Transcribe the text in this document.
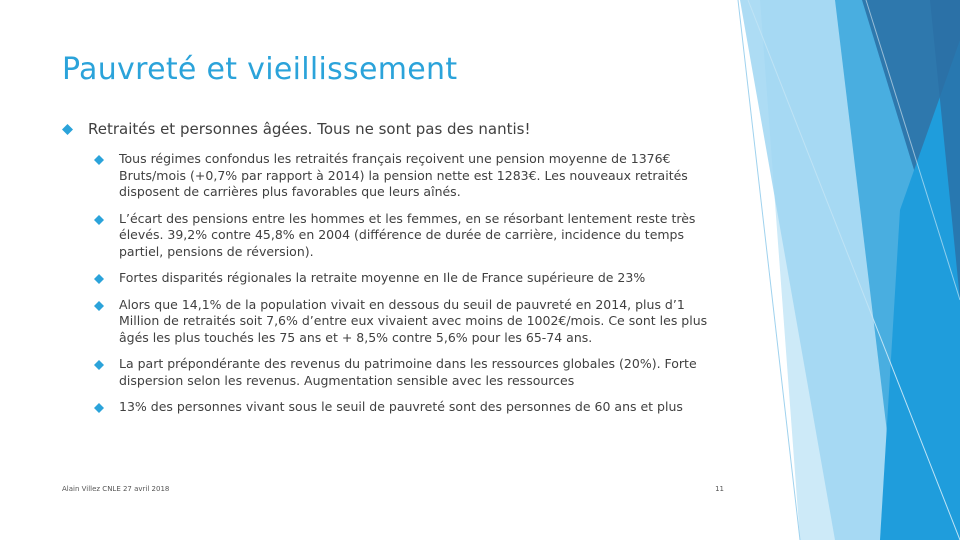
Pauvreté et vieillissement
Retraités et personnes âgées. Tous ne sont pas des nantis!
Tous régimes confondus les retraités français reçoivent une pension moyenne de 1376€ Bruts/mois (+0,7% par rapport à 2014) la pension nette est 1283€. Les nouveaux retraités disposent de carrières plus favorables que leurs aînés.
L’écart des pensions entre les hommes et les femmes, en se résorbant lentement reste très élevés. 39,2% contre 45,8% en 2004 (différence de durée de carrière, incidence du temps partiel, pensions de réversion).
Fortes disparités régionales la retraite moyenne en Ile de France supérieure de 23%
Alors que 14,1% de la population vivait en dessous du seuil de pauvreté en 2014, plus d’1 Million de retraités soit 7,6% d’entre eux vivaient avec moins de 1002€/mois. Ce sont les plus âgés les plus touchés les 75 ans et + 8,5% contre 5,6% pour les 65-74 ans.
La part prépondérante des revenus du patrimoine dans les ressources globales (20%). Forte dispersion selon les revenus. Augmentation sensible avec les ressources
13% des personnes vivant sous le seuil de pauvreté sont des personnes de 60 ans et plus
Alain Villez CNLE 27 avril 2018	11
